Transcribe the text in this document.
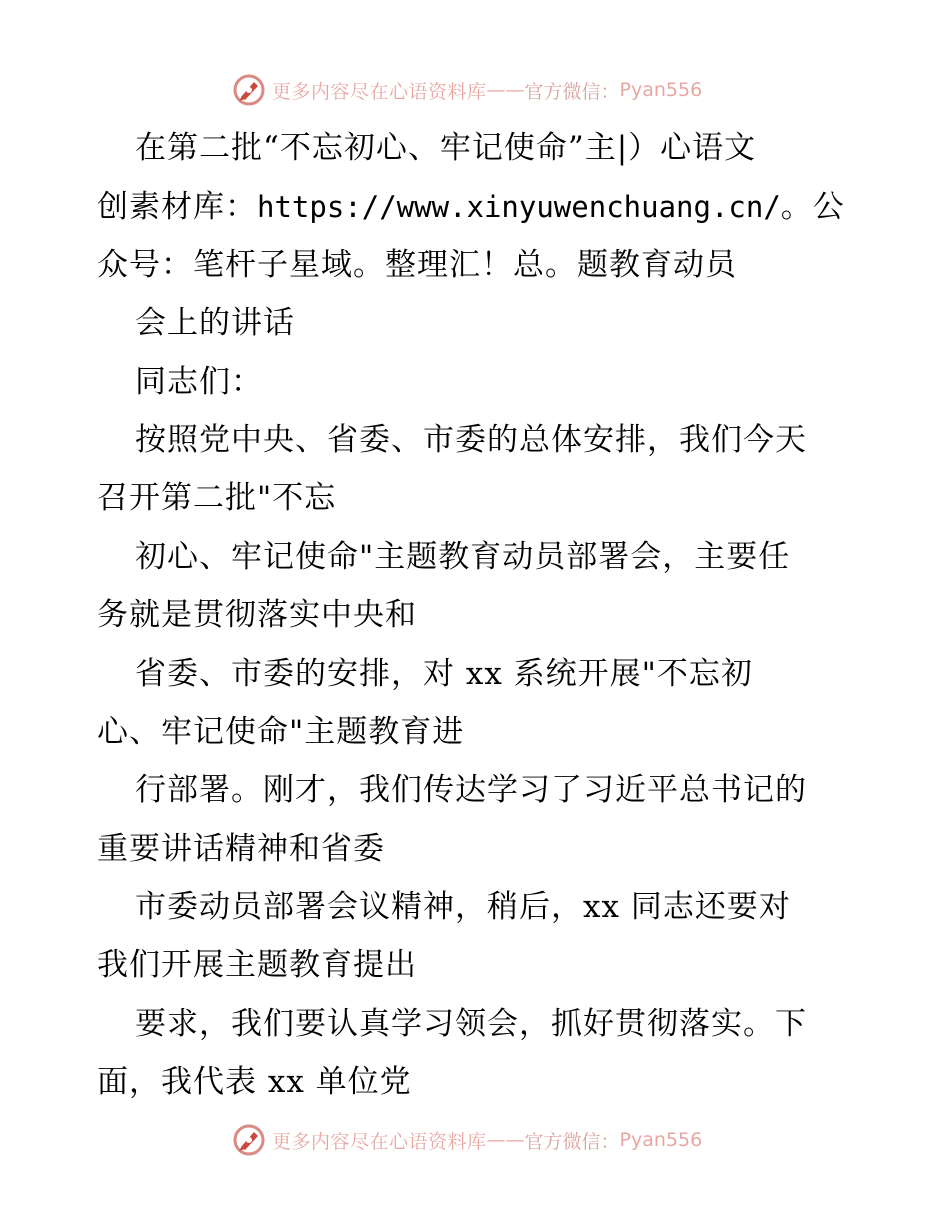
更多内容尽在心语资料库 —— 官方微信： Pyan556
在第二批“不忘初心、牢记使命”主|）心语文
创素材库：https://www.xinyuwenchuang.cn/。公
众号：笔杆子星域。整理汇！总。题教育动员
会上的讲话
同志们：
按照党中央、省委、市委的总体安排，我们今天
召开第二批"不忘
初心、牢记使命"主题教育动员部署会，主要任
务就是贯彻落实中央和
省委、市委的安排，对 xx 系统开展"不忘初
心、牢记使命"主题教育进
行部署。刚才，我们传达学习了习近平总书记的
重要讲话精神和省委
市委动员部署会议精神，稍后，xx 同志还要对
我们开展主题教育提出
要求，我们要认真学习领会，抓好贯彻落实。下
面，我代表 xx 单位党
更多内容尽在心语资料库 —— 官方微信： Pyan556
